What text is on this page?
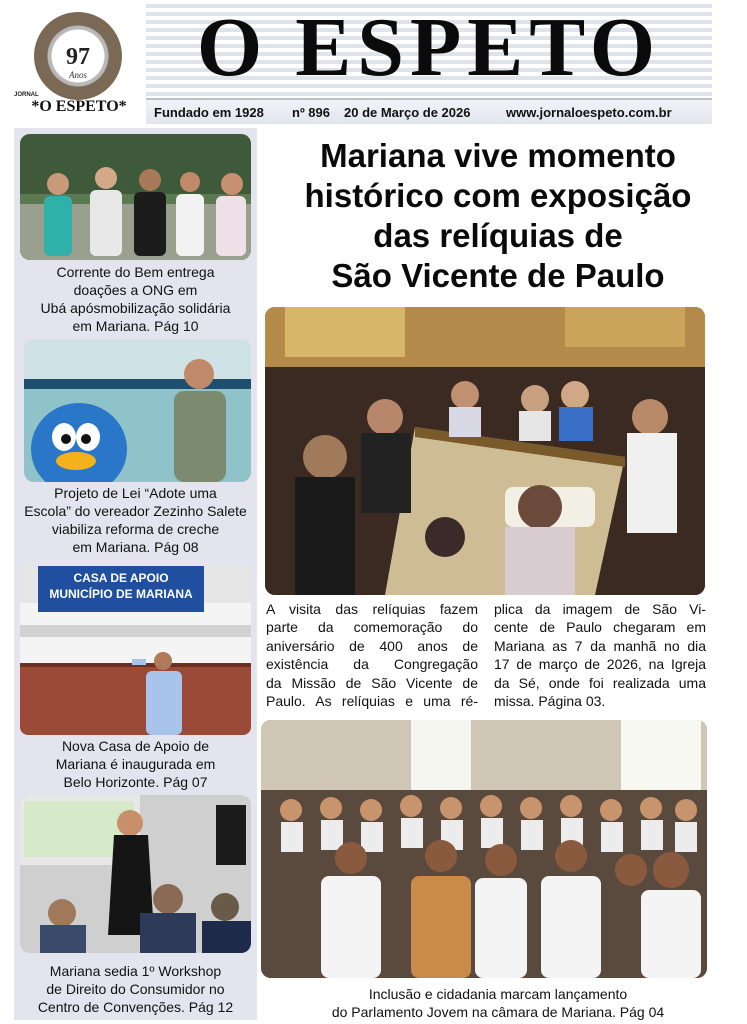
97
Anos
JORNAL
*O ESPETO*
O ESPETO
Fundado em 1928 nº 896 20 de Março de 2026	www.jornaloespeto.com.br
Corrente do Bem entrega
doações a ONG em
Ubá apósmobilização solidária
em Mariana. Pág 10
Projeto de Lei “Adote uma
Escola” do vereador Zezinho Salete
viabiliza reforma de creche
em Mariana. Pág 08
CASA DE APOIO
MUNICÍPIO DE MARIANA
Nova Casa de Apoio de
Mariana é inaugurada em
Belo Horizonte. Pág 07
Mariana sedia 1º Workshop
de Direito do Consumidor no
Centro de Convenções. Pág 12
Mariana vive momento
histórico com exposição
das relíquias de
São Vicente de Paulo
A visita das relíquias fazem
parte da comemoração do
aniversário de 400 anos de
existência da Congregação
da Missão de São Vicente de
Paulo. As relíquias e uma ré-
plica da imagem de São Vi-
cente de Paulo chegaram em
Mariana as 7 da manhã no dia
17 de março de 2026, na Igreja
da Sé, onde foi realizada uma
missa. Página 03.
Inclusão e cidadania marcam lançamento
do Parlamento Jovem na câmara de Mariana. Pág 04
